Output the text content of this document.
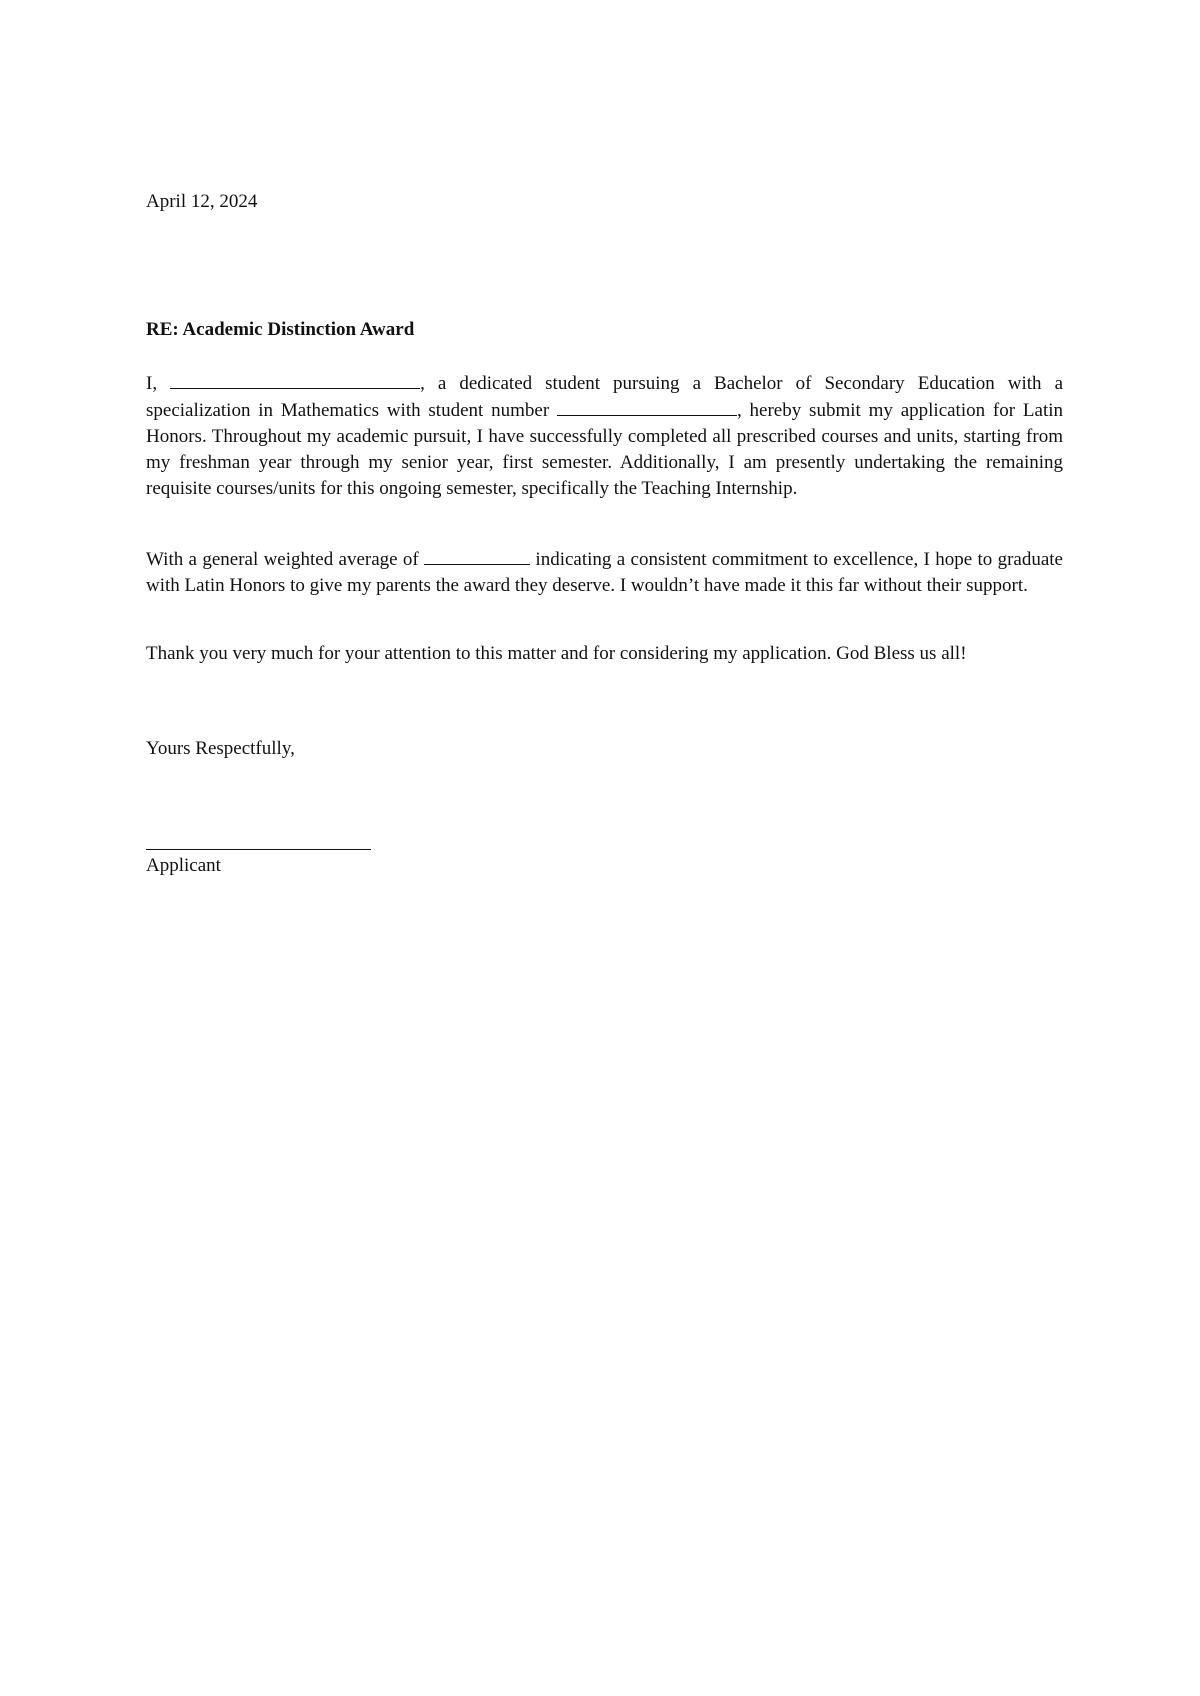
April 12, 2024
RE: Academic Distinction Award

I,	, a dedicated student pursuing a Bachelor of Secondary Education with a specialization in Mathematics with student number	, hereby submit my application for Latin Honors. Throughout my academic pursuit, I have successfully completed all prescribed courses and units, starting from my freshman year through my senior year, first semester. Additionally, I am presently undertaking the remaining requisite courses/units for this ongoing semester, specifically the Teaching Internship.

With a general weighted average of	indicating a consistent commitment to excellence, I hope to graduate with Latin Honors to give my parents the award they deserve. I wouldn’t have made it this far without their support.

Thank you very much for your attention to this matter and for considering my application. God Bless us all!

Yours Respectfully,
Applicant
